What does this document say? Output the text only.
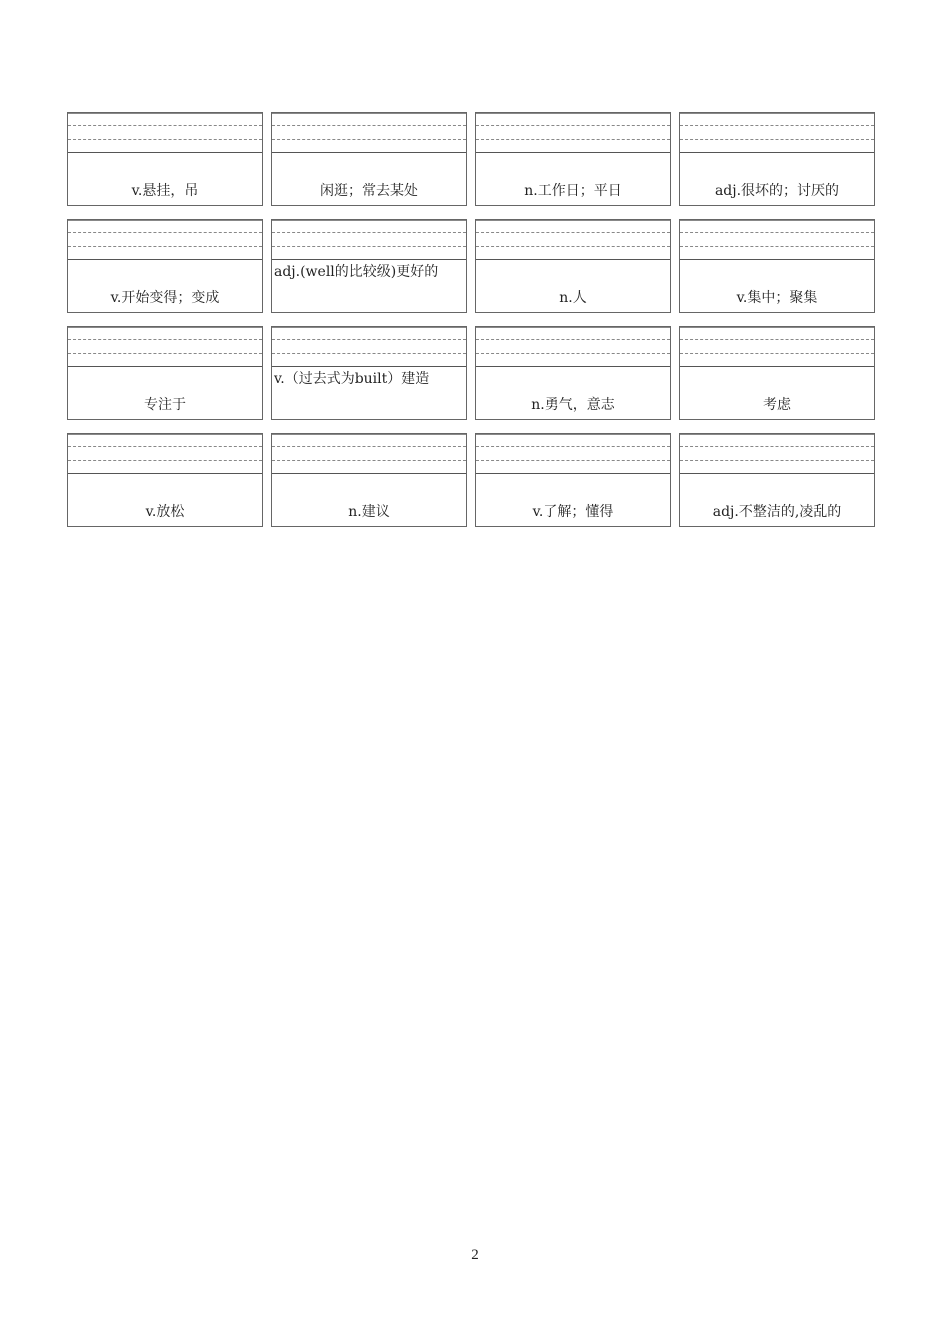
v.悬挂，吊	闲逛；常去某处	n.工作日；平日	adj.很坏的；讨厌的
v.开始变得；变成
adj.(well的比较级)更好的
n.人	v.集中；聚集
专注于
v.（过去式为built）建造
n.勇气，意志	考虑
v.放松	n.建议	v.了解；懂得	adj.不整洁的,凌乱的
2
